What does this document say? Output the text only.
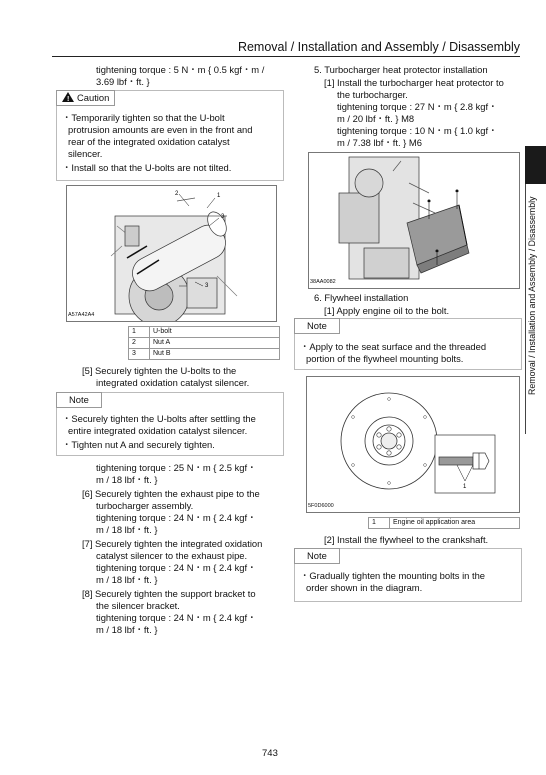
Removal / Installation and Assembly / Disassembly
Removal / Installation and Assembly / Disassembly
tightening torque : 5 N・m { 0.5 kgf・m /
3.69 lbf・ft. }
! Caution
・Temporarily tighten so that the U-bolt
protrusion amounts are even in the front and
rear of the integrated oxidation catalyst
silencer.
・Install so that the U-bolts are not tilted.
2	1
3
3
A57A42A4
1	U-bolt
2	Nut A
3	Nut B
[5] Securely tighten the U-bolts to the
integrated oxidation catalyst silencer.
Note
・Securely tighten the U-bolts after settling the
entire integrated oxidation catalyst silencer.
・Tighten nut A and securely tighten.
tightening torque : 25 N・m { 2.5 kgf・
m / 18 lbf・ft. }
[6] Securely tighten the exhaust pipe to the
turbocharger assembly.
tightening torque : 24 N・m { 2.4 kgf・
m / 18 lbf・ft. }
[7] Securely tighten the integrated oxidation
catalyst silencer to the exhaust pipe.
tightening torque : 24 N・m { 2.4 kgf・
m / 18 lbf・ft. }
[8] Securely tighten the support bracket to
the silencer bracket.
tightening torque : 24 N・m { 2.4 kgf・
m / 18 lbf・ft. }
5. Turbocharger heat protector installation
[1] Install the turbocharger heat protector to
the turbocharger.
tightening torque : 27 N・m { 2.8 kgf・
m / 20 lbf・ft. } M8
tightening torque : 10 N・m { 1.0 kgf・
m / 7.38 lbf・ft. } M6
38AA0082
6. Flywheel installation
[1] Apply engine oil to the bolt.
Note
・Apply to the seat surface and the threaded
portion of the flywheel mounting bolts.
1
5F0D6000
1	Engine oil application area
[2] Install the flywheel to the crankshaft.
Note
・Gradually tighten the mounting bolts in the
order shown in the diagram.
743
